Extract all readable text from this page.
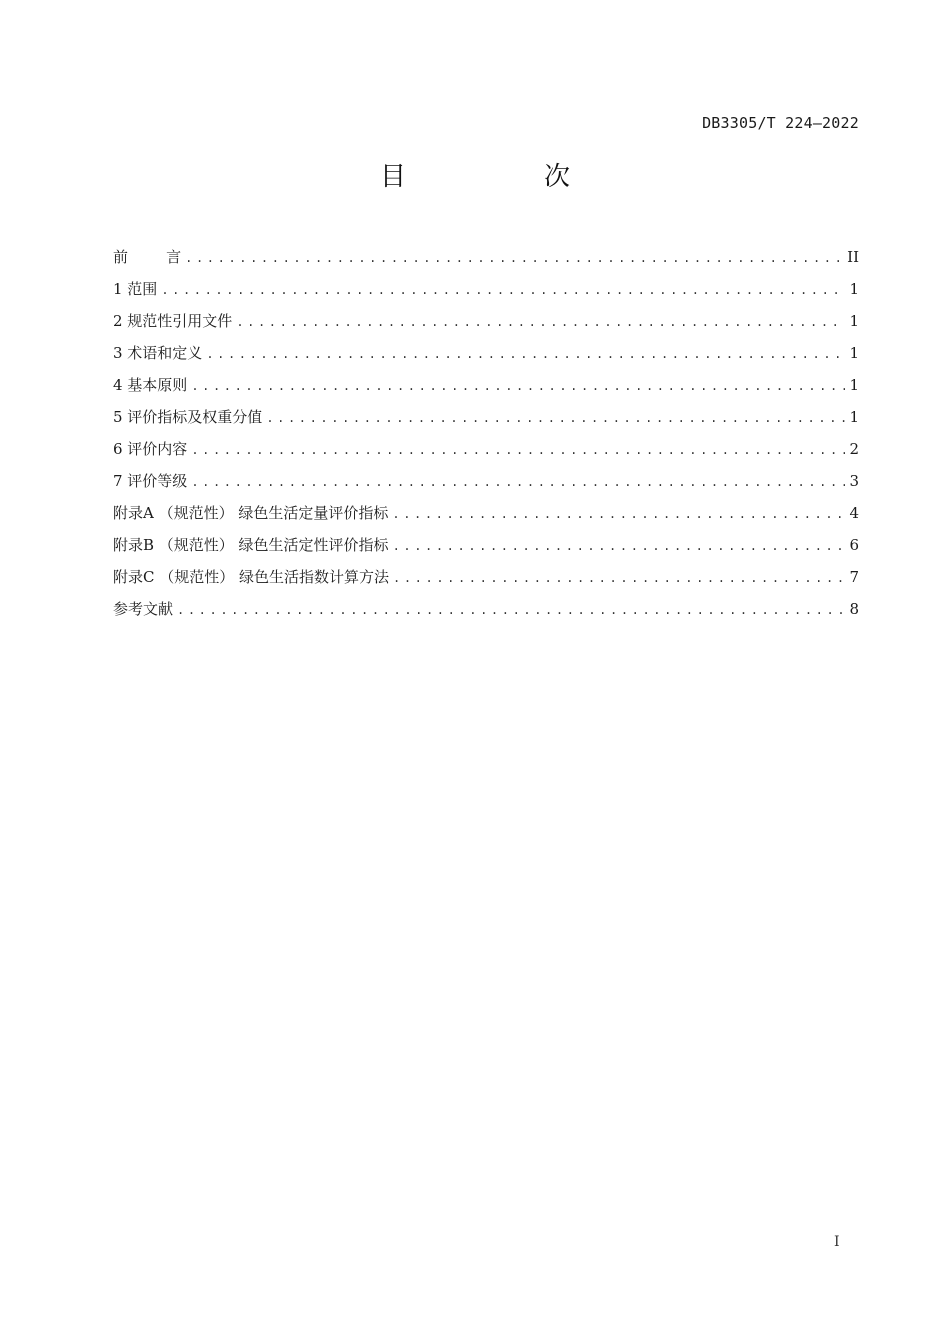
DB3305/T 224—2022
目　次
前        言 .....	II
1 范围 .....	1
2 规范性引用文件 .....	1
3 术语和定义 .....	1
4 基本原则 .....	1
5 评价指标及权重分值 .....	1
6 评价内容 .....	2
7 评价等级 .....	3
附录A （规范性） 绿色生活定量评价指标 .....	4
附录B （规范性） 绿色生活定性评价指标 .....	6
附录C （规范性） 绿色生活指数计算方法 .....	7
参考文献 .....	8
I
